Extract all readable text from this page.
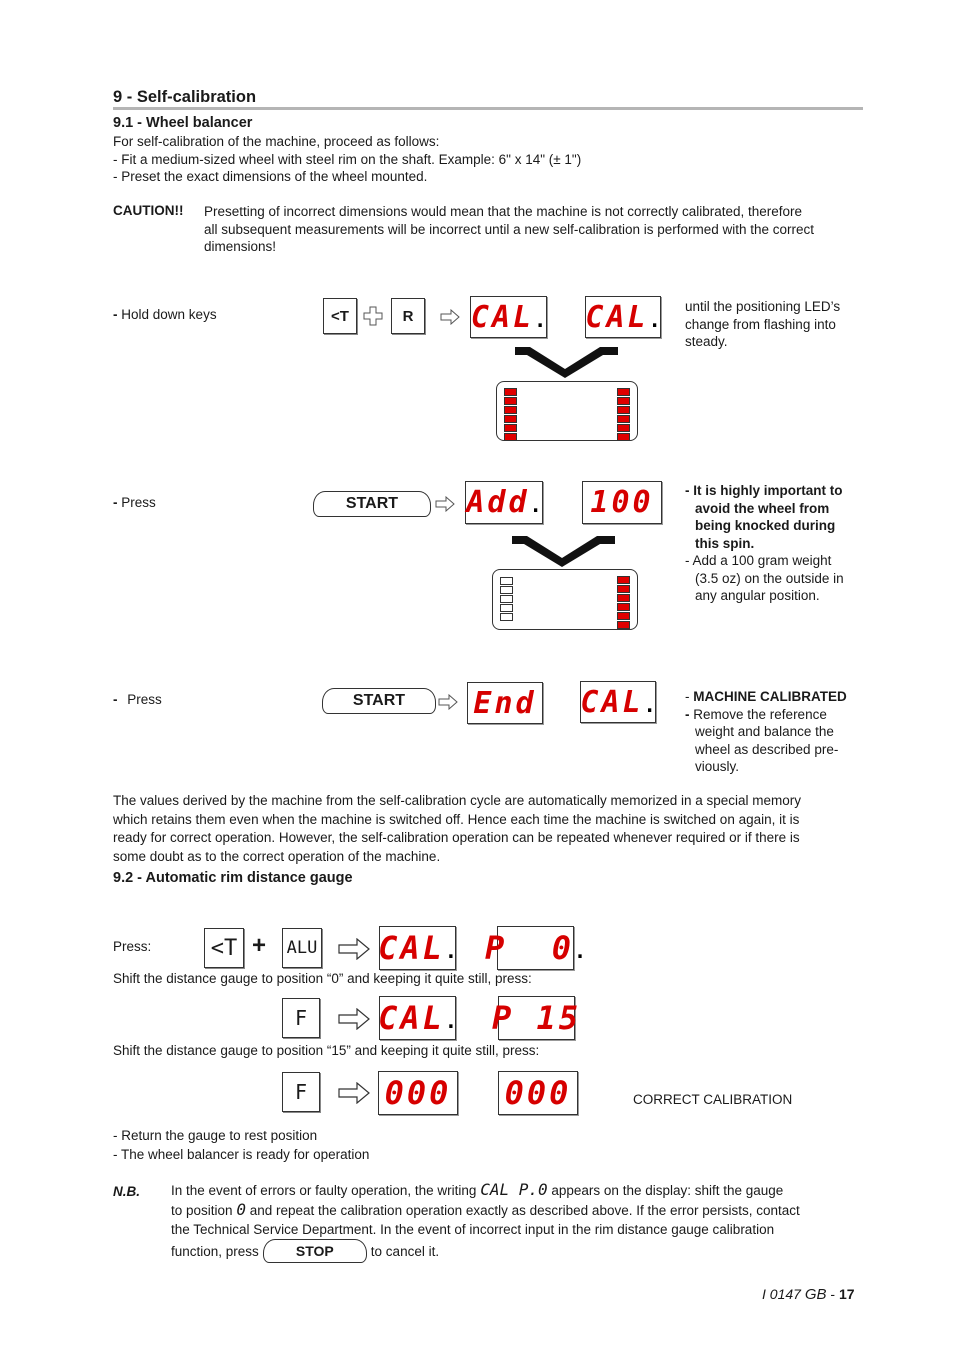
9 - Self-calibration
9.1 - Wheel balancer
For self-calibration of the machine, proceed as follows:
- Fit a medium-sized wheel with steel rim on the shaft. Example: 6" x 14" (± 1")
- Preset the exact dimensions of the wheel mounted.
CAUTION!! Presetting of incorrect dimensions would mean that the machine is not correctly calibrated, therefore
all subsequent measurements will be incorrect until a new self-calibration is performed with the correct
dimensions!
- Hold down keys	<T	R	CAL . CAL .
until the positioning LED’s
change from flashing into
steady.
- Press	START	Add . 100 - It is highly important to
avoid the wheel from
being knocked during
this spin.
- Add a 100 gram weight
(3.5 oz) on the outside in
any angular position.
- Press	START	End CAL . - MACHINE CALIBRATED
- Remove the reference
weight and balance the
wheel as described pre-
viously.
The values derived by the machine from the self-calibration cycle are automatically memorized in a special memory
which retains them even when the machine is switched off. Hence each time the machine is switched on again, it is
ready for correct operation. However, the self-calibration operation can be repeated whenever required or if there is
some doubt as to the correct operation of the machine.
9.2 - Automatic rim distance gauge
Press:	<T + ALU CAL . P  0 .
Shift the distance gauge to position “0” and keeping it quite still, press:
F	CAL . P 15
Shift the distance gauge to position “15” and keeping it quite still, press:
F	000 000	CORRECT CALIBRATION
- Return the gauge to rest position
- The wheel balancer is ready for operation
N.B. In the event of errors or faulty operation, the writing CAL P.0 appears on the display: shift the gauge
to position 0 and repeat the calibration operation exactly as described above. If the error persists, contact
the Technical Service Department. In the event of incorrect input in the rim distance gauge calibration
function, press	STOP	to cancel it.
I 0147 GB - 17
